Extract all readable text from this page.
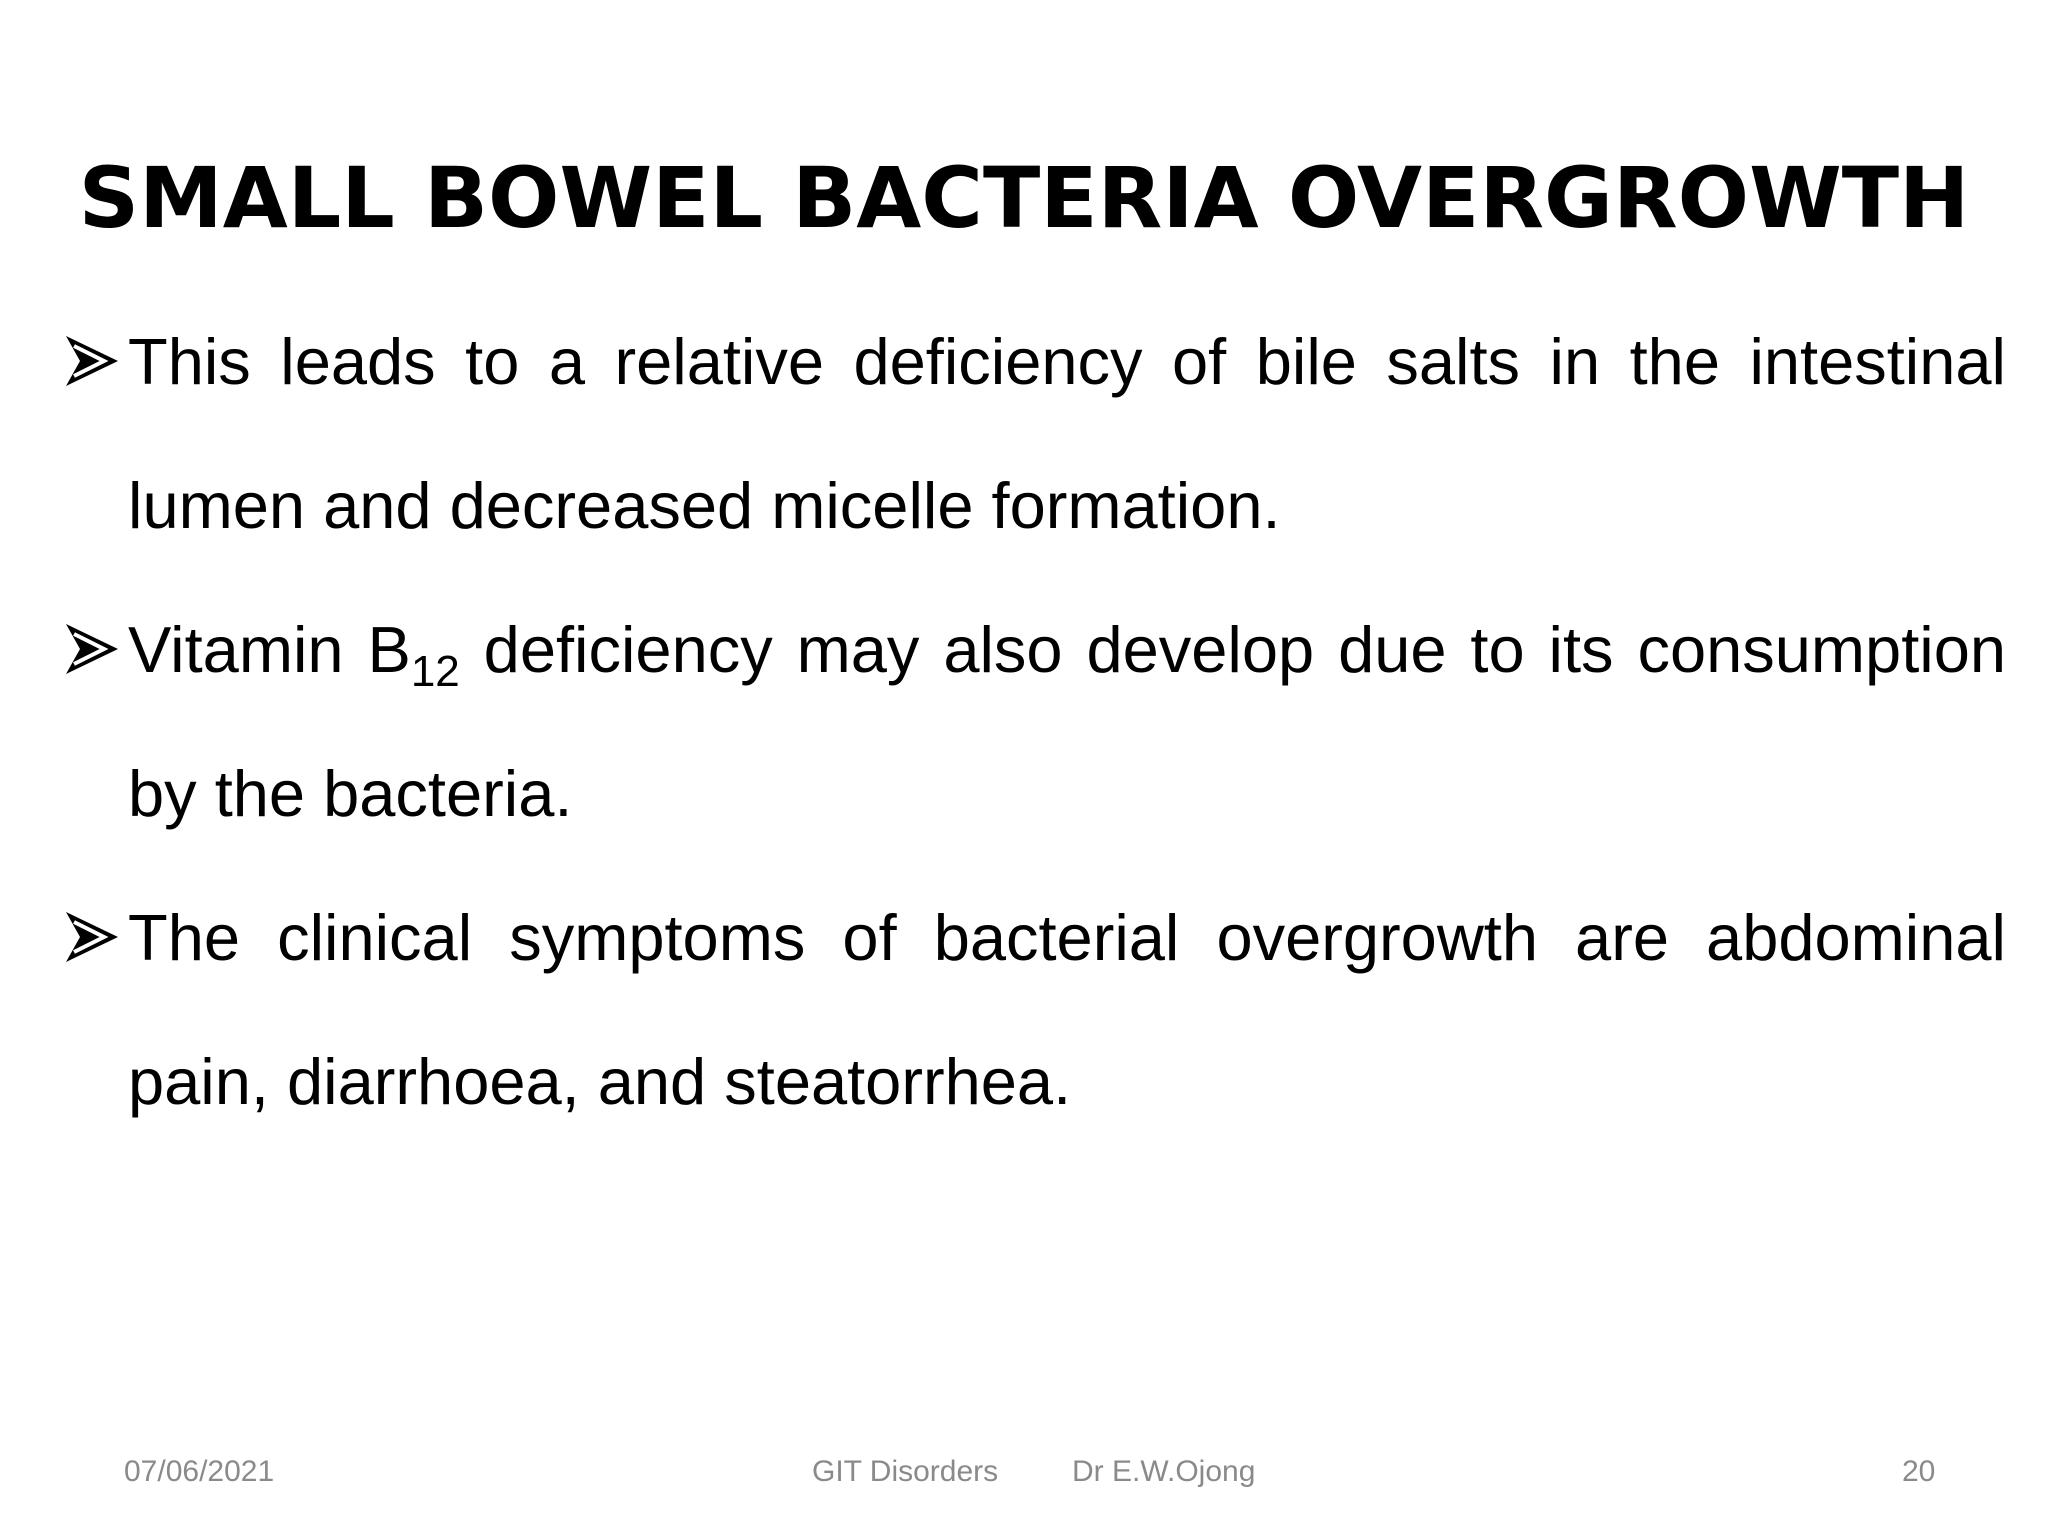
SMALL BOWEL BACTERIA OVERGROWTH
This leads to a relative deficiency of bile salts in the intestinal lumen and decreased micelle formation.
Vitamin $B_{12}$ deficiency may also develop due to its consumption by the bacteria.
The clinical symptoms of bacterial overgrowth are abdominal pain, diarrhoea, and steatorrhea.
07/06/2021	GIT Disorders Dr E.W.Ojong	20
